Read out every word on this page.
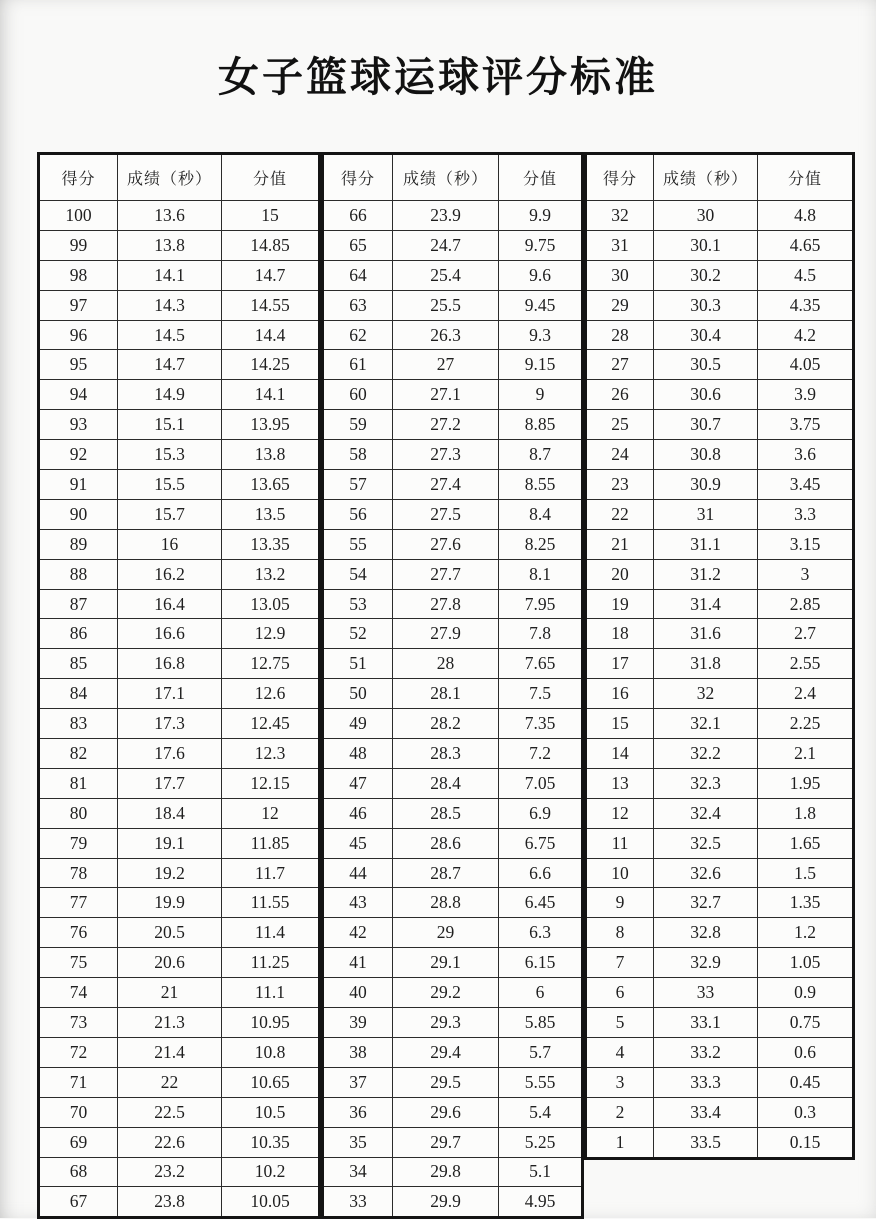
女子篮球运球评分标准
得分	成绩（秒）	分值
100	13.6	15
99	13.8	14.85
98	14.1	14.7
97	14.3	14.55
96	14.5	14.4
95	14.7	14.25
94	14.9	14.1
93	15.1	13.95
92	15.3	13.8
91	15.5	13.65
90	15.7	13.5
89	16	13.35
88	16.2	13.2
87	16.4	13.05
86	16.6	12.9
85	16.8	12.75
84	17.1	12.6
83	17.3	12.45
82	17.6	12.3
81	17.7	12.15
80	18.4	12
79	19.1	11.85
78	19.2	11.7
77	19.9	11.55
76	20.5	11.4
75	20.6	11.25
74	21	11.1
73	21.3	10.95
72	21.4	10.8
71	22	10.65
70	22.5	10.5
69	22.6	10.35
68	23.2	10.2
67	23.8	10.05
得分	成绩（秒）	分值
66	23.9	9.9
65	24.7	9.75
64	25.4	9.6
63	25.5	9.45
62	26.3	9.3
61	27	9.15
60	27.1	9
59	27.2	8.85
58	27.3	8.7
57	27.4	8.55
56	27.5	8.4
55	27.6	8.25
54	27.7	8.1
53	27.8	7.95
52	27.9	7.8
51	28	7.65
50	28.1	7.5
49	28.2	7.35
48	28.3	7.2
47	28.4	7.05
46	28.5	6.9
45	28.6	6.75
44	28.7	6.6
43	28.8	6.45
42	29	6.3
41	29.1	6.15
40	29.2	6
39	29.3	5.85
38	29.4	5.7
37	29.5	5.55
36	29.6	5.4
35	29.7	5.25
34	29.8	5.1
33	29.9	4.95
得分	成绩（秒）	分值
32	30	4.8
31	30.1	4.65
30	30.2	4.5
29	30.3	4.35
28	30.4	4.2
27	30.5	4.05
26	30.6	3.9
25	30.7	3.75
24	30.8	3.6
23	30.9	3.45
22	31	3.3
21	31.1	3.15
20	31.2	3
19	31.4	2.85
18	31.6	2.7
17	31.8	2.55
16	32	2.4
15	32.1	2.25
14	32.2	2.1
13	32.3	1.95
12	32.4	1.8
11	32.5	1.65
10	32.6	1.5
9	32.7	1.35
8	32.8	1.2
7	32.9	1.05
6	33	0.9
5	33.1	0.75
4	33.2	0.6
3	33.3	0.45
2	33.4	0.3
1	33.5	0.15
